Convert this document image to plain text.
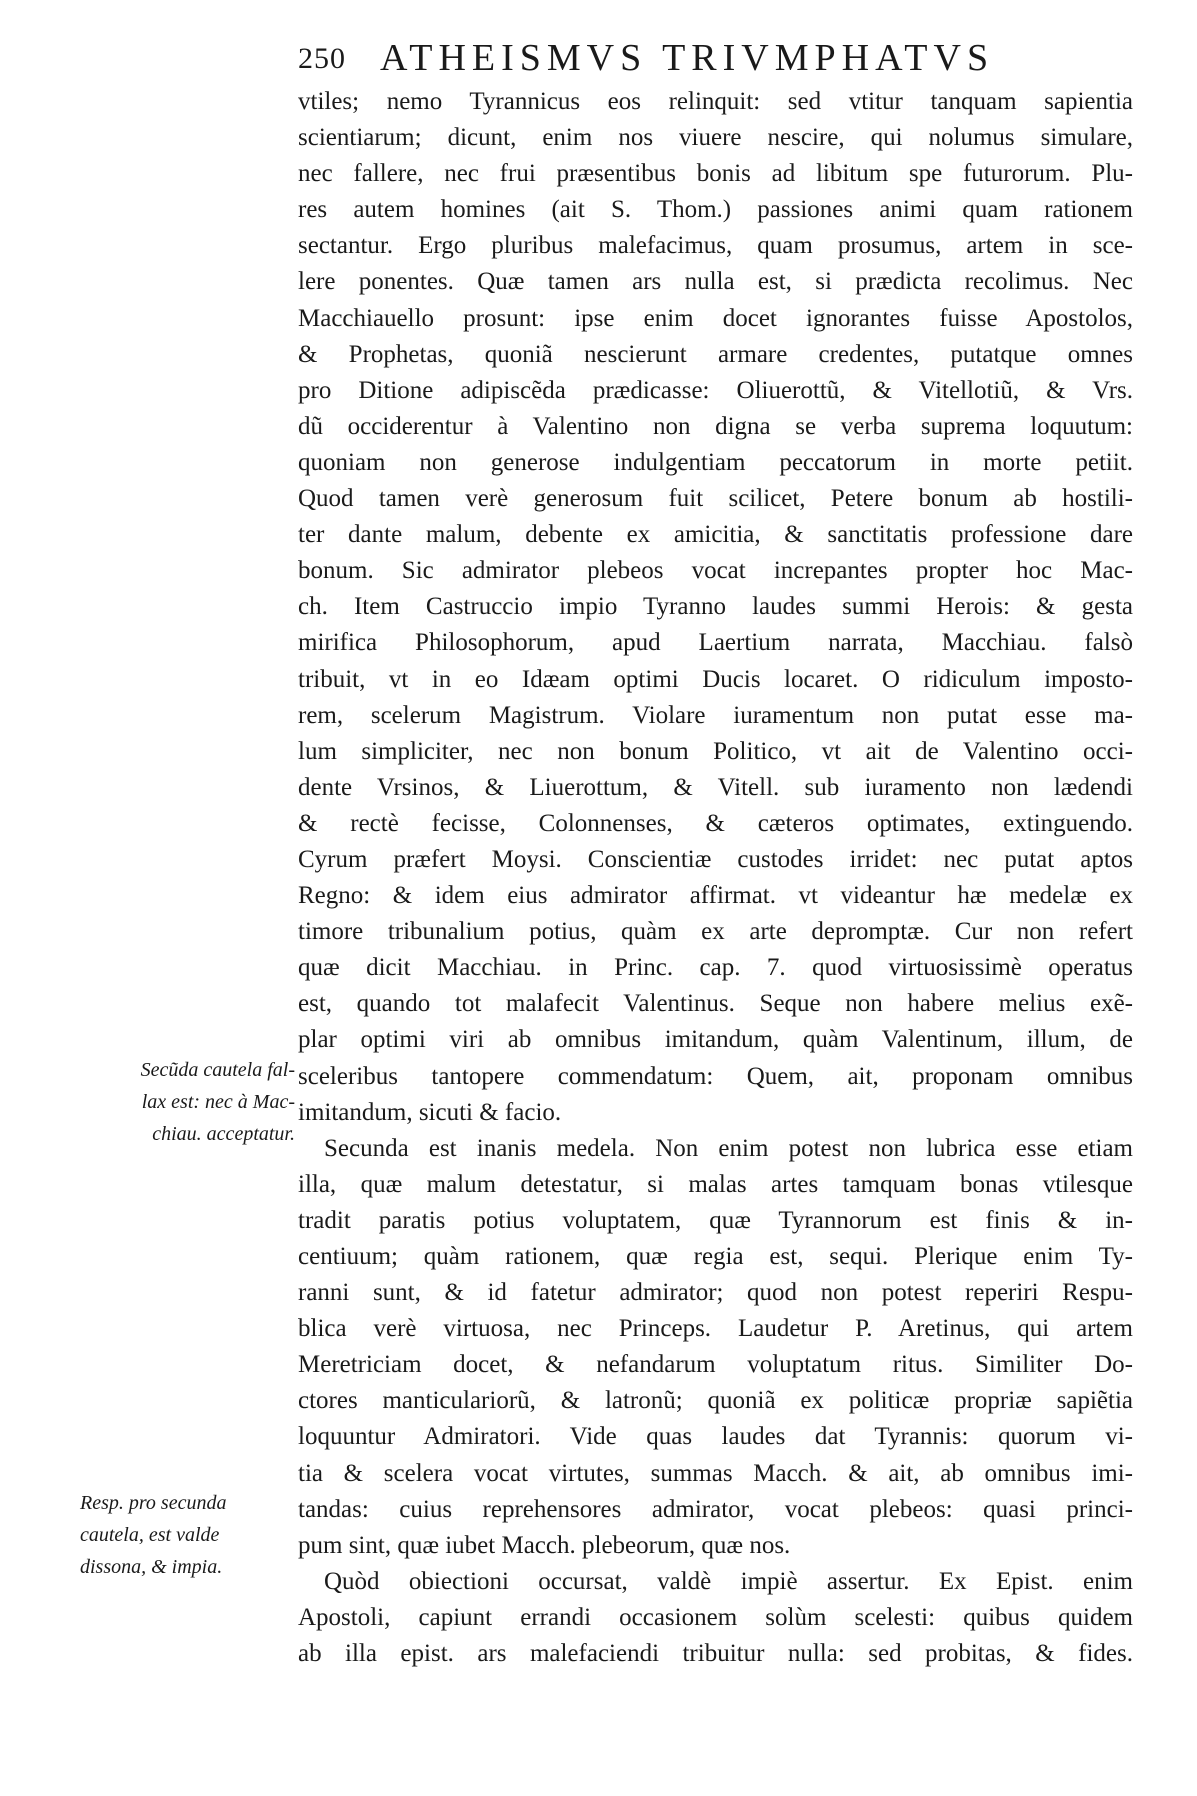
250 ATHEISMVS TRIVMPHATVS
vtiles; nemo Tyrannicus eos relinquit: sed vtitur tanquam sapientia
scientiarum; dicunt, enim nos viuere nescire, qui nolumus simulare,
nec fallere, nec frui præsentibus bonis ad libitum spe futurorum. Plu-
res autem homines (ait S. Thom.) passiones animi quam rationem
sectantur. Ergo pluribus malefacimus, quam prosumus, artem in sce-
lere ponentes. Quæ tamen ars nulla est, si prædicta recolimus. Nec
Macchiauello prosunt: ipse enim docet ignorantes fuisse Apostolos,
& Prophetas, quoniã nescierunt armare credentes, putatque omnes
pro Ditione adipiscẽda prædicasse: Oliuerottũ, & Vitellotiũ, & Vrs.
dũ occiderentur à Valentino non digna se verba suprema loquutum:
quoniam non generose indulgentiam peccatorum in morte petiit.
Quod tamen verè generosum fuit scilicet, Petere bonum ab hostili-
ter dante malum, debente ex amicitia, & sanctitatis professione dare
bonum. Sic admirator plebeos vocat increpantes propter hoc Mac-
ch. Item Castruccio impio Tyranno laudes summi Herois: & gesta
mirifica Philosophorum, apud Laertium narrata, Macchiau. falsò
tribuit, vt in eo Idæam optimi Ducis locaret. O ridiculum imposto-
rem, scelerum Magistrum. Violare iuramentum non putat esse ma-
lum simpliciter, nec non bonum Politico, vt ait de Valentino occi-
dente Vrsinos, & Liuerottum, & Vitell. sub iuramento non lædendi
& rectè fecisse, Colonnenses, & cæteros optimates, extinguendo.
Cyrum præfert Moysi. Conscientiæ custodes irridet: nec putat aptos
Regno: & idem eius admirator affirmat. vt videantur hæ medelæ ex
timore tribunalium potius, quàm ex arte depromptæ. Cur non refert
quæ dicit Macchiau. in Princ. cap. 7. quod virtuosissimè operatus
est, quando tot malafecit Valentinus. Seque non habere melius exẽ-
plar optimi viri ab omnibus imitandum, quàm Valentinum, illum, de
sceleribus tantopere commendatum: Quem, ait, proponam omnibus
imitandum, sicuti & facio.
Secunda est inanis medela. Non enim potest non lubrica esse etiam
illa, quæ malum detestatur, si malas artes tamquam bonas vtilesque
tradit paratis potius voluptatem, quæ Tyrannorum est finis & in-
centiuum; quàm rationem, quæ regia est, sequi. Plerique enim Ty-
ranni sunt, & id fatetur admirator; quod non potest reperiri Respu-
blica verè virtuosa, nec Princeps. Laudetur P. Aretinus, qui artem
Meretriciam docet, & nefandarum voluptatum ritus. Similiter Do-
ctores manticulariorũ, & latronũ; quoniã ex politicæ propriæ sapiẽtia
loquuntur Admiratori. Vide quas laudes dat Tyrannis: quorum vi-
tia & scelera vocat virtutes, summas Macch. & ait, ab omnibus imi-
tandas: cuius reprehensores admirator, vocat plebeos: quasi princi-
pum sint, quæ iubet Macch. plebeorum, quæ nos.
Quòd obiectioni occursat, valdè impiè assertur. Ex Epist. enim
Apostoli, capiunt errandi occasionem solùm scelesti: quibus quidem
ab illa epist. ars malefaciendi tribuitur nulla: sed probitas, & fides.
Secũda cautela fal-
lax est: nec à Mac-
chiau. acceptatur.
Resp. pro secunda
cautela, est valde
dissona, & impia.
